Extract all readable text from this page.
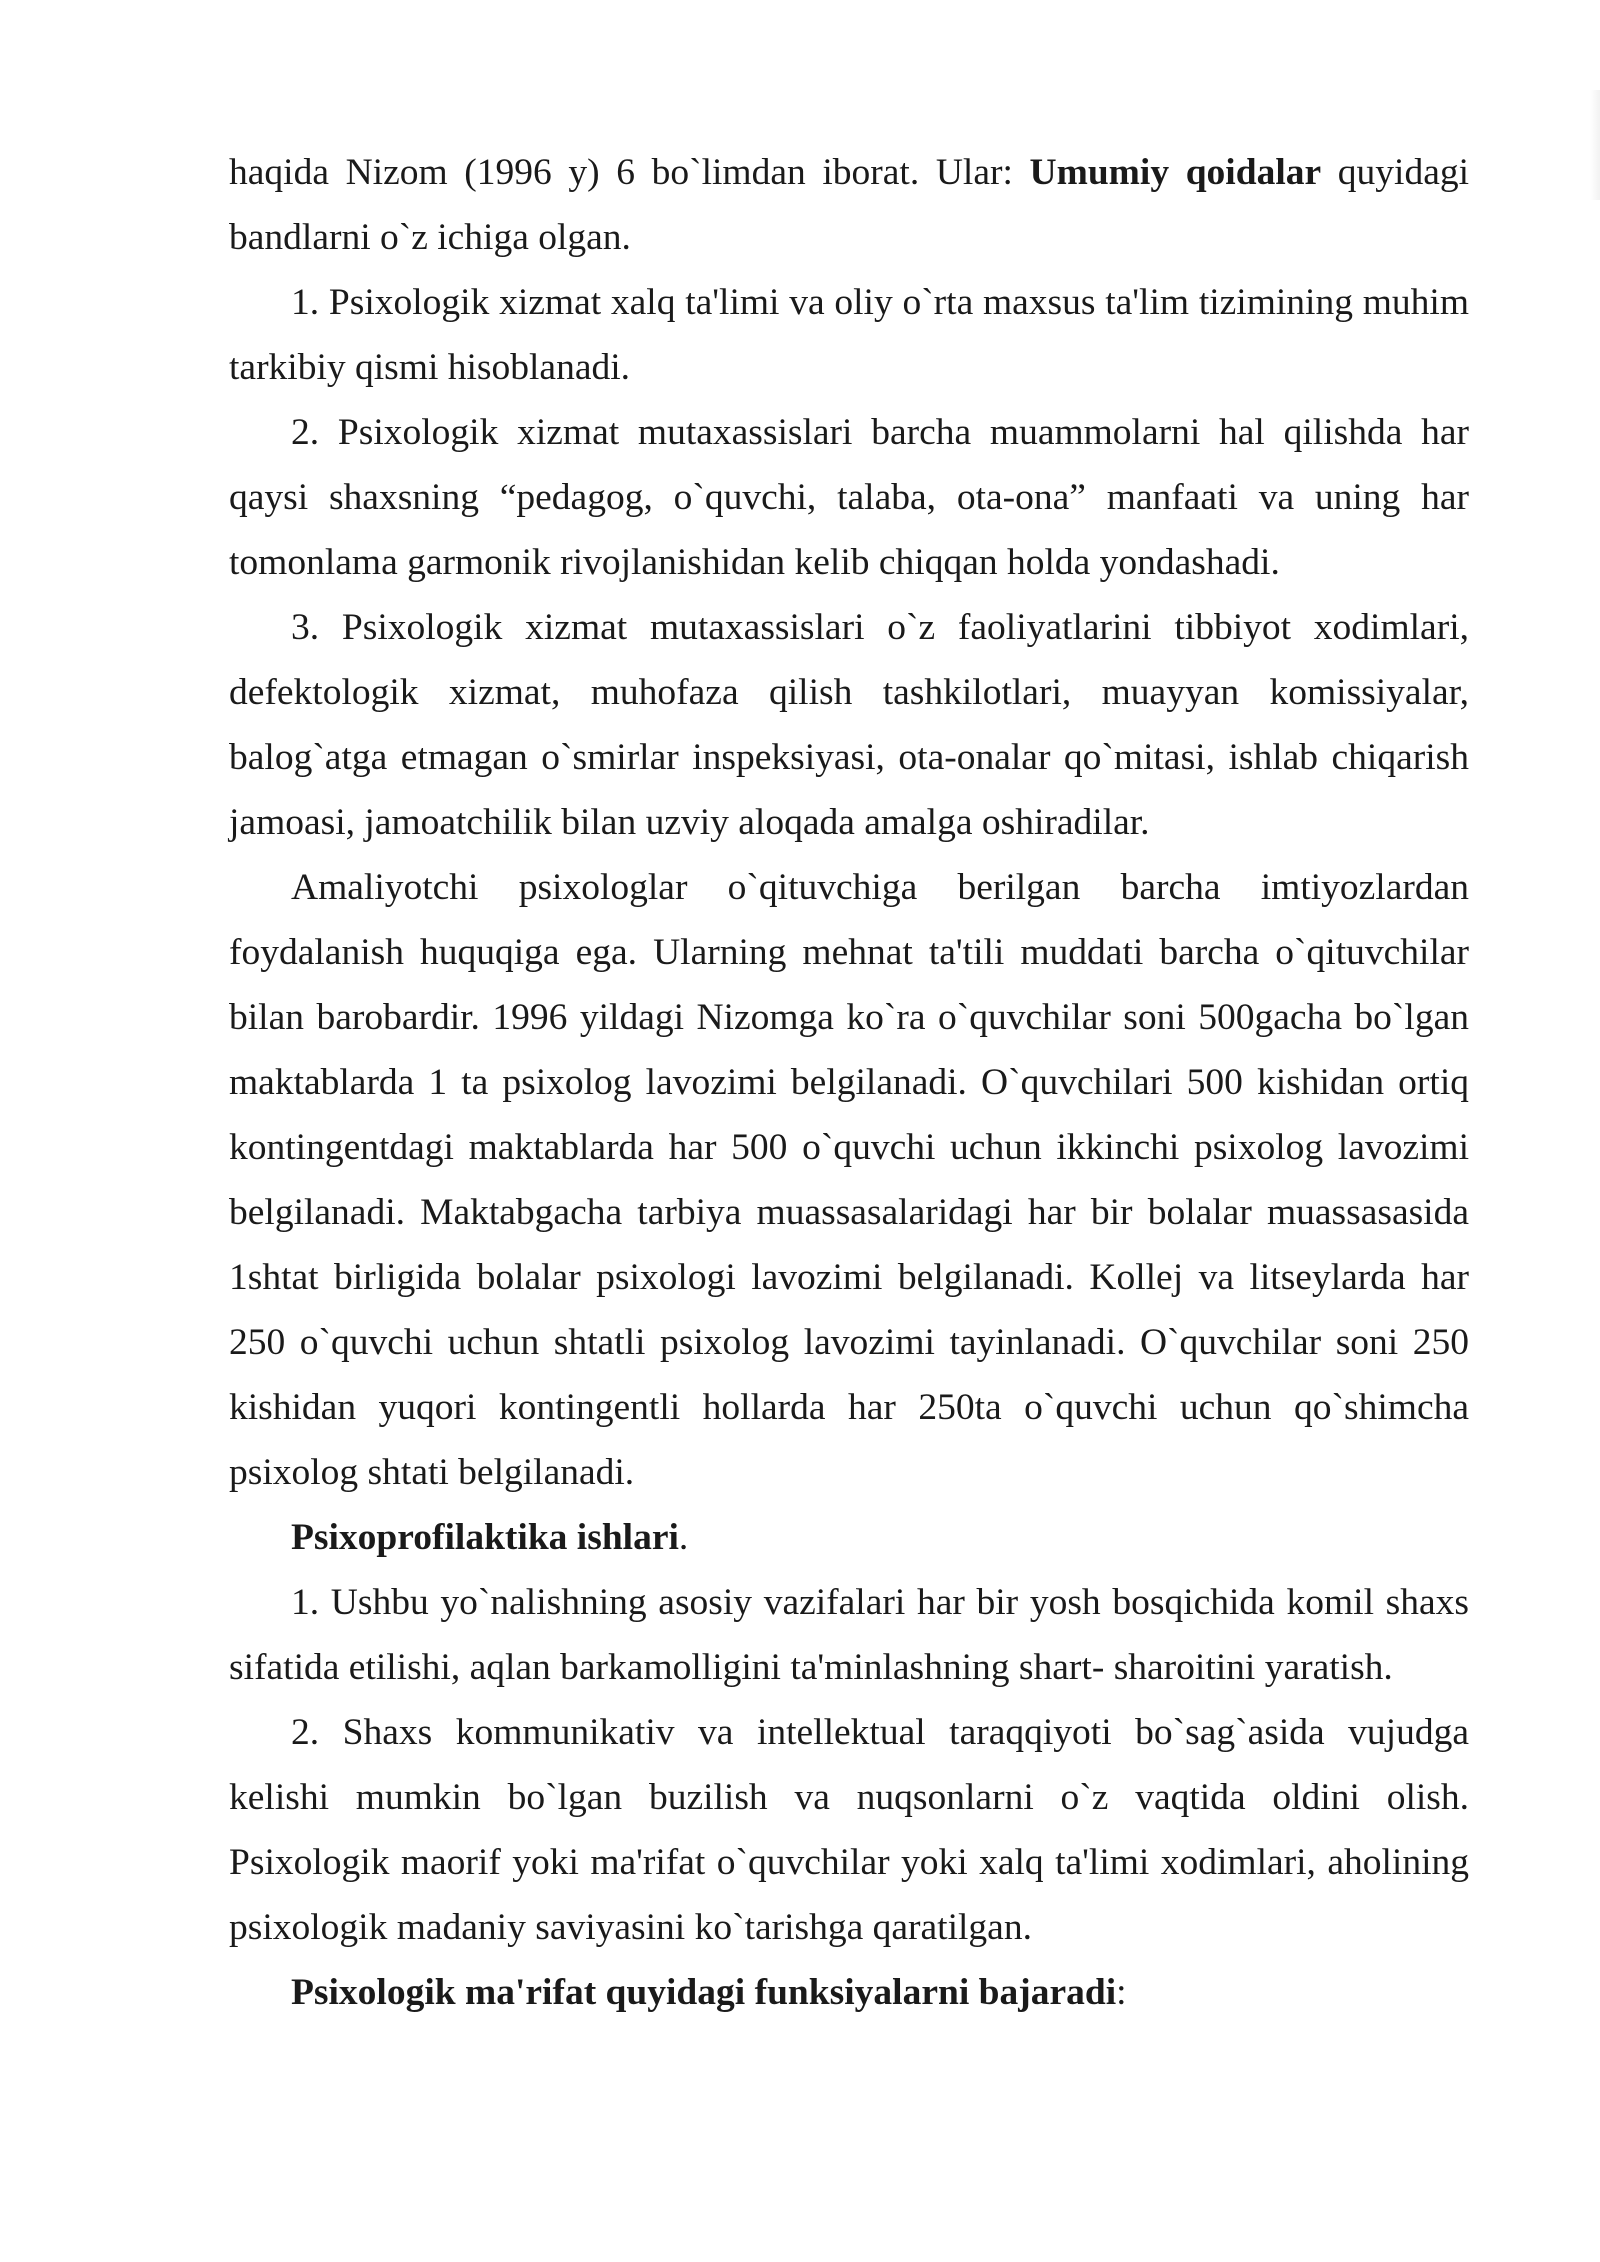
haqida Nizom (1996 y) 6 bo`limdan iborat. Ular: Umumiy qoidalar quyidagi bandlarni o`z ichiga olgan.

1. Psixologik xizmat xalq ta'limi va oliy o`rta maxsus ta'lim tizimining muhim tarkibiy qismi hisoblanadi.

2. Psixologik xizmat mutaxassislari barcha muammolarni hal qilishda har qaysi shaxsning “pedagog, o`quvchi, talaba, ota-ona” manfaati va uning har tomonlama garmonik rivojlanishidan kelib chiqqan holda yondashadi.

3. Psixologik xizmat mutaxassislari o`z faoliyatlarini tibbiyot xodimlari, defektologik xizmat, muhofaza qilish tashkilotlari, muayyan komissiyalar, balog`atga etmagan o`smirlar inspeksiyasi, ota-onalar qo`mitasi, ishlab chiqarish jamoasi, jamoatchilik bilan uzviy aloqada amalga oshiradilar.

Amaliyotchi psixologlar o`qituvchiga berilgan barcha imtiyozlardan foydalanish huquqiga ega. Ularning mehnat ta'tili muddati barcha o`qituvchilar bilan barobardir. 1996 yildagi Nizomga ko`ra o`quvchilar soni 500gacha bo`lgan maktablarda 1 ta psixolog lavozimi belgilanadi. O`quvchilari 500 kishidan ortiq kontingentdagi maktablarda har 500 o`quvchi uchun ikkinchi psixolog lavozimi belgilanadi. Maktabgacha tarbiya muassasalaridagi har bir bolalar muassasasida 1shtat birligida bolalar psixologi lavozimi belgilanadi. Kollej va litseylarda har 250 o`quvchi uchun shtatli psixolog lavozimi tayinlanadi. O`quvchilar soni 250 kishidan yuqori kontingentli hollarda har 250ta o`quvchi uchun qo`shimcha psixolog shtati belgilanadi.

Psixoprofilaktika ishlari.

1. Ushbu yo`nalishning asosiy vazifalari har bir yosh bosqichida komil shaxs sifatida etilishi, aqlan barkamolligini ta'minlashning shart- sharoitini yaratish.

2. Shaxs kommunikativ va intellektual taraqqiyoti bo`sag`asida vujudga kelishi mumkin bo`lgan buzilish va nuqsonlarni o`z vaqtida oldini olish. Psixologik maorif yoki ma'rifat o`quvchilar yoki xalq ta'limi xodimlari, aholining psixologik madaniy saviyasini ko`tarishga qaratilgan.

Psixologik ma'rifat quyidagi funksiyalarni bajaradi:
